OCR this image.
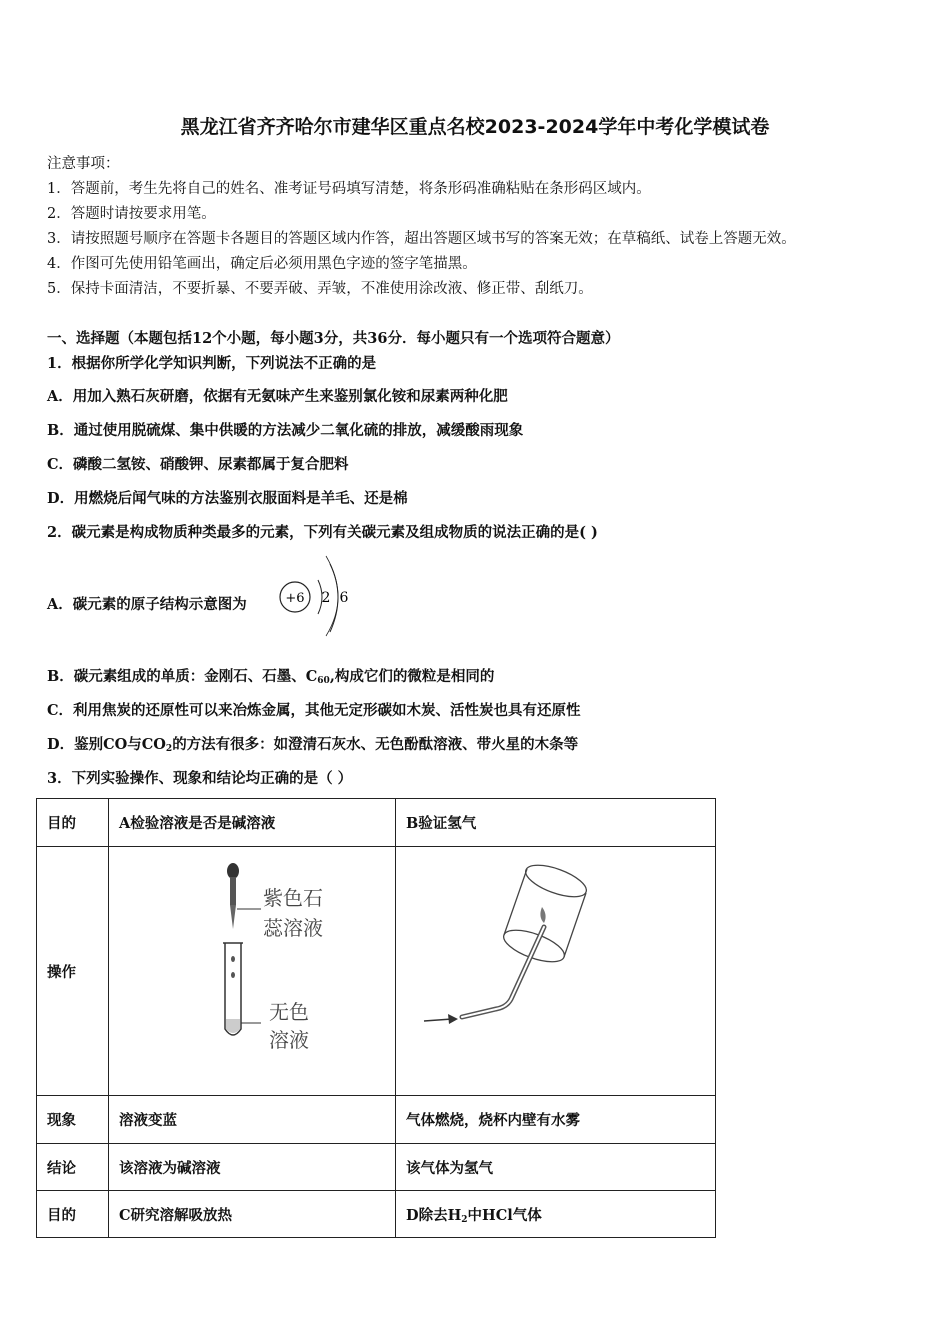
黑龙江省齐齐哈尔市建华区重点名校2023-2024学年中考化学模试卷
注意事项：
1．答题前，考生先将自己的姓名、准考证号码填写清楚，将条形码准确粘贴在条形码区域内。
2．答题时请按要求用笔。
3．请按照题号顺序在答题卡各题目的答题区域内作答，超出答题区域书写的答案无效；在草稿纸、试卷上答题无效。
4．作图可先使用铅笔画出，确定后必须用黑色字迹的签字笔描黑。
5．保持卡面清洁，不要折暴、不要弄破、弄皱，不准使用涂改液、修正带、刮纸刀。
一、选择题（本题包括12个小题，每小题3分，共36分．每小题只有一个选项符合题意）
1．根据你所学化学知识判断，下列说法不正确的是
A．用加入熟石灰研磨，依据有无氨味产生来鉴别氯化铵和尿素两种化肥
B．通过使用脱硫煤、集中供暖的方法减少二氧化硫的排放，减缓酸雨现象
C．磷酸二氢铵、硝酸钾、尿素都属于复合肥料
D．用燃烧后闻气味的方法鉴别衣服面料是羊毛、还是棉
2．碳元素是构成物质种类最多的元素，下列有关碳元素及组成物质的说法正确的是( )
A．碳元素的原子结构示意图为	+6 2 6
B．碳元素组成的单质：金刚石、石墨、$C_{60}$,构成它们的微粒是相同的
C．利用焦炭的还原性可以来冶炼金属，其他无定形碳如木炭、活性炭也具有还原性
D．鉴别CO与$CO_2$的方法有很多：如澄清石灰水、无色酚酞溶液、带火星的木条等
3．下列实验操作、现象和结论均正确的是（ ）
目的	A检验溶液是否是碱溶液	B验证氢气
操作	紫色石
蕊溶液
无色
溶液

现象	溶液变蓝	气体燃烧，烧杯内壁有水雾
结论	该溶液为碱溶液	该气体为氢气
目的	C研究溶解吸放热	D除去$H_2$中HCl气体
